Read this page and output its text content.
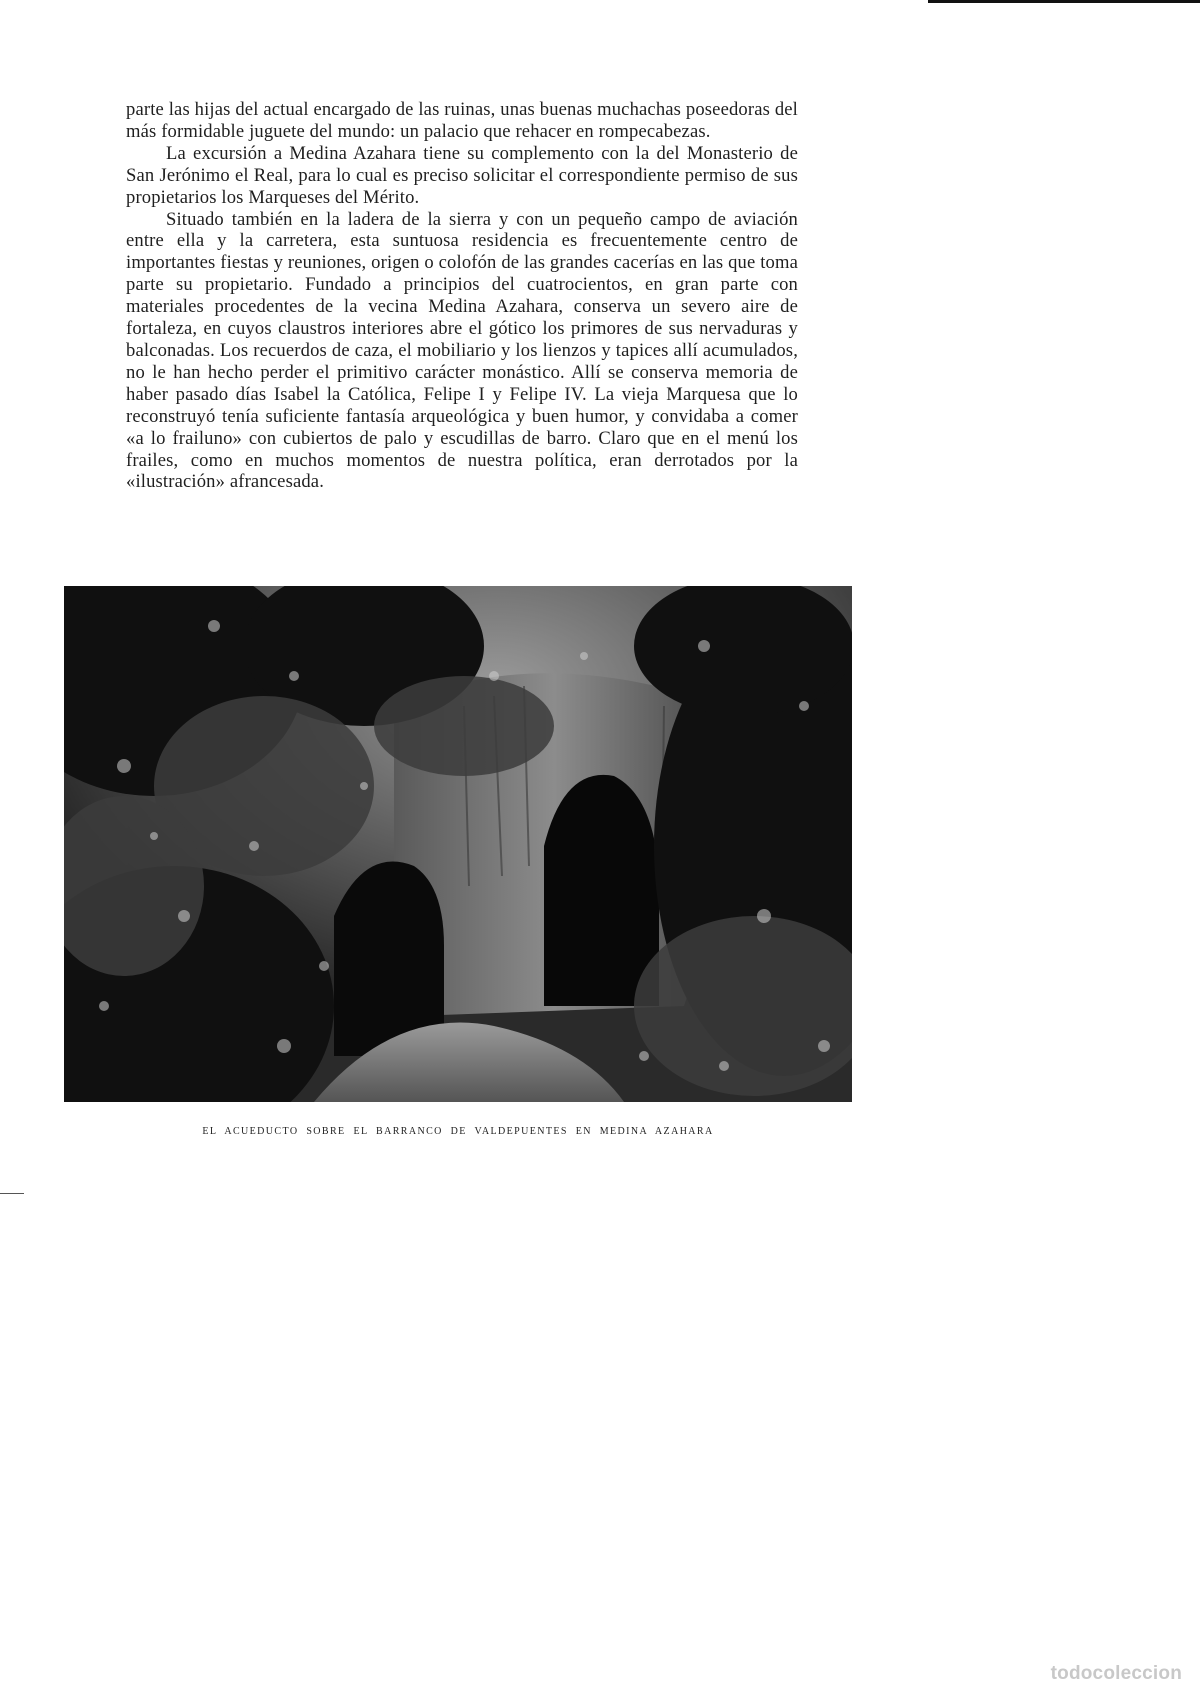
parte las hijas del actual encargado de las ruinas, unas buenas muchachas poseedoras del más formidable juguete del mundo: un palacio que rehacer en rompecabezas.

La excursión a Medina Azahara tiene su complemento con la del Monasterio de San Jerónimo el Real, para lo cual es preciso solicitar el correspondiente permiso de sus propietarios los Marqueses del Mérito.

Situado también en la ladera de la sierra y con un pequeño campo de aviación entre ella y la carretera, esta suntuosa residencia es frecuentemente centro de importantes fiestas y reuniones, origen o colofón de las grandes cacerías en las que toma parte su propietario. Fundado a principios del cuatrocientos, en gran parte con materiales procedentes de la vecina Medina Azahara, conserva un severo aire de fortaleza, en cuyos claustros interiores abre el gótico los primores de sus nervaduras y balconadas. Los recuerdos de caza, el mobiliario y los lienzos y tapices allí acumulados, no le han hecho perder el primitivo carácter monástico. Allí se conserva memoria de haber pasado días Isabel la Católica, Felipe I y Felipe IV. La vieja Marquesa que lo reconstruyó tenía suficiente fantasía arqueológica y buen humor, y convidaba a comer «a lo frailuno» con cubiertos de palo y escudillas de barro. Claro que en el menú los frailes, como en muchos momentos de nuestra política, eran derrotados por la «ilustración» afrancesada.

EL ACUEDUCTO SOBRE EL BARRANCO DE VALDEPUENTES EN MEDINA AZAHARA
todocoleccion
